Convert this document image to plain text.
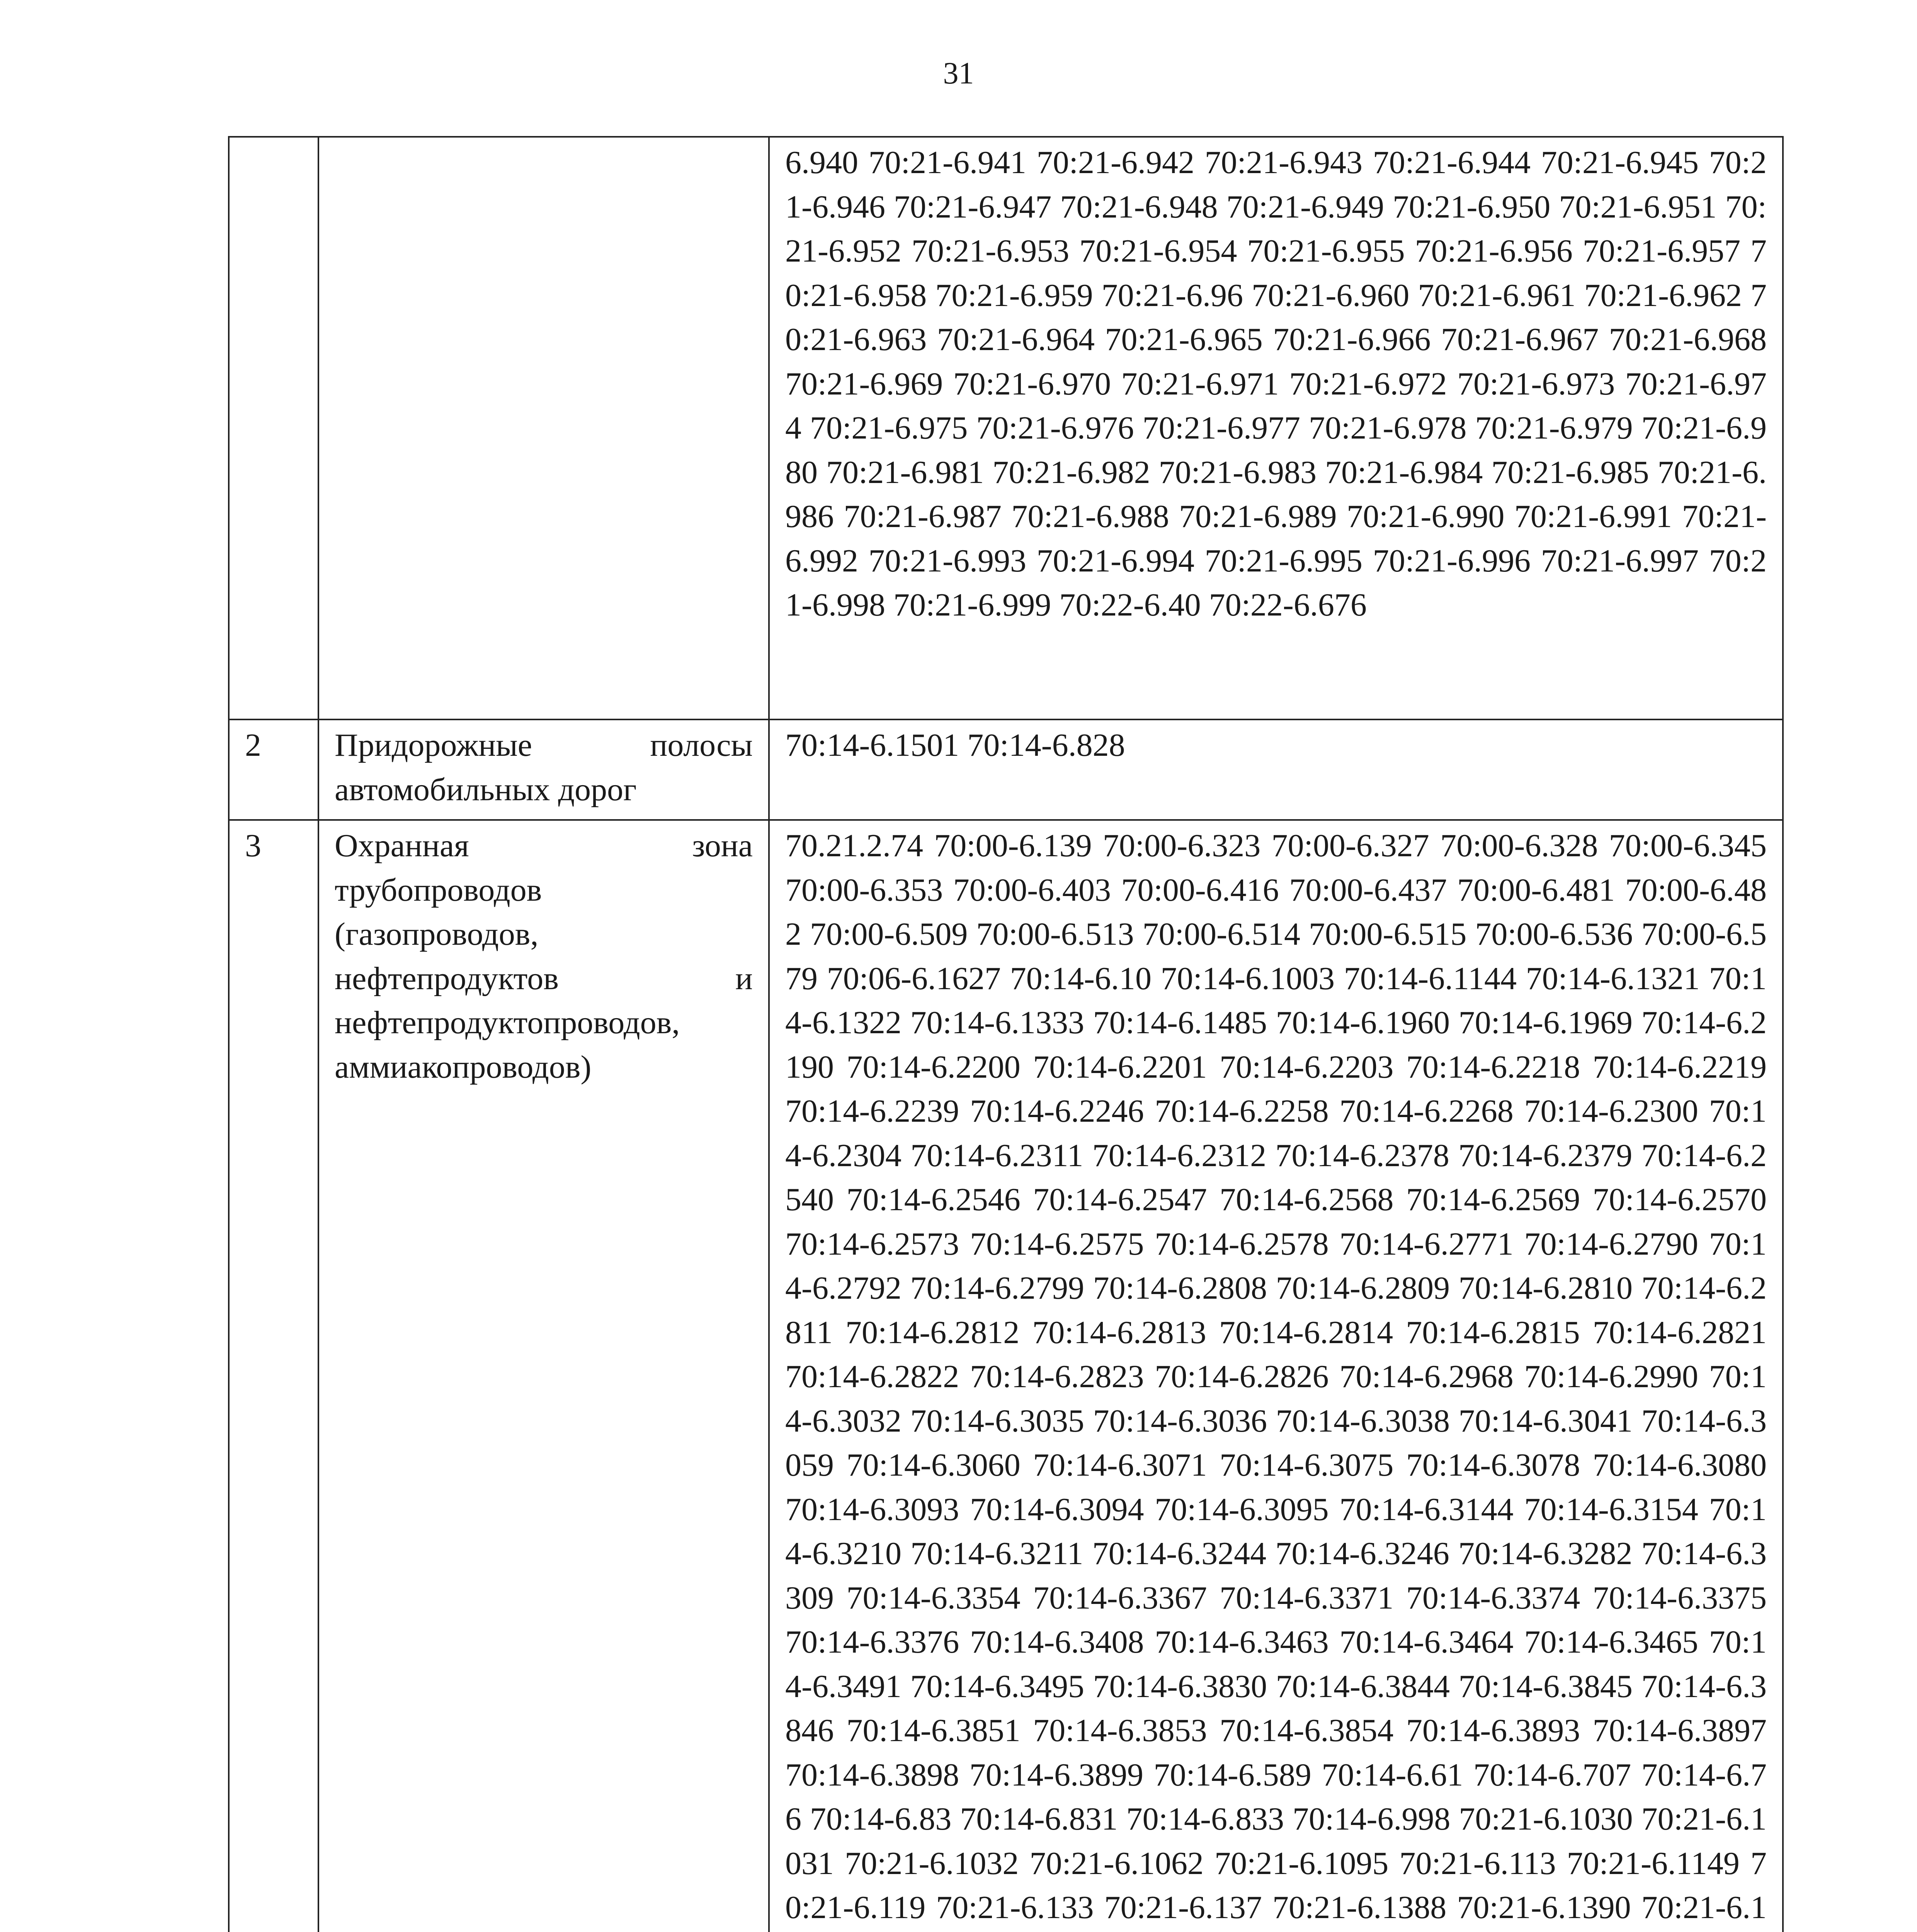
31
		6.940 70:21-6.941 70:21-6.942 70:21-6.943 70:21-6.944 70:21-6.945 70:21-6.946 70:21-6.947 70:21-6.948 70:21-6.949 70:21-6.950 70:21-6.951 70:21-6.952 70:21-6.953 70:21-6.954 70:21-6.955 70:21-6.956 70:21-6.957 70:21-6.958 70:21-6.959 70:21-6.96 70:21-6.960 70:21-6.961 70:21-6.962 70:21-6.963 70:21-6.964 70:21-6.965 70:21-6.966 70:21-6.967 70:21-6.968 70:21-6.969 70:21-6.970 70:21-6.971 70:21-6.972 70:21-6.973 70:21-6.974 70:21-6.975 70:21-6.976 70:21-6.977 70:21-6.978 70:21-6.979 70:21-6.980 70:21-6.981 70:21-6.982 70:21-6.983 70:21-6.984 70:21-6.985 70:21-6.986 70:21-6.987 70:21-6.988 70:21-6.989 70:21-6.990 70:21-6.991 70:21-6.992 70:21-6.993 70:21-6.994 70:21-6.995 70:21-6.996 70:21-6.997 70:21-6.998 70:21-6.999 70:22-6.40 70:22-6.676
2	Придорожные полосы автомобильных дорог	70:14-6.1501 70:14-6.828
3	Охранная зона трубопроводов (газопроводов, нефтепродуктов и нефтепродуктопроводов, аммиакопроводов)	70.21.2.74 70:00-6.139 70:00-6.323 70:00-6.327 70:00-6.328 70:00-6.345 70:00-6.353 70:00-6.403 70:00-6.416 70:00-6.437 70:00-6.481 70:00-6.482 70:00-6.509 70:00-6.513 70:00-6.514 70:00-6.515 70:00-6.536 70:00-6.579 70:06-6.1627 70:14-6.10 70:14-6.1003 70:14-6.1144 70:14-6.1321 70:14-6.1322 70:14-6.1333 70:14-6.1485 70:14-6.1960 70:14-6.1969 70:14-6.2190 70:14-6.2200 70:14-6.2201 70:14-6.2203 70:14-6.2218 70:14-6.2219 70:14-6.2239 70:14-6.2246 70:14-6.2258 70:14-6.2268 70:14-6.2300 70:14-6.2304 70:14-6.2311 70:14-6.2312 70:14-6.2378 70:14-6.2379 70:14-6.2540 70:14-6.2546 70:14-6.2547 70:14-6.2568 70:14-6.2569 70:14-6.2570 70:14-6.2573 70:14-6.2575 70:14-6.2578 70:14-6.2771 70:14-6.2790 70:14-6.2792 70:14-6.2799 70:14-6.2808 70:14-6.2809 70:14-6.2810 70:14-6.2811 70:14-6.2812 70:14-6.2813 70:14-6.2814 70:14-6.2815 70:14-6.2821 70:14-6.2822 70:14-6.2823 70:14-6.2826 70:14-6.2968 70:14-6.2990 70:14-6.3032 70:14-6.3035 70:14-6.3036 70:14-6.3038 70:14-6.3041 70:14-6.3059 70:14-6.3060 70:14-6.3071 70:14-6.3075 70:14-6.3078 70:14-6.3080 70:14-6.3093 70:14-6.3094 70:14-6.3095 70:14-6.3144 70:14-6.3154 70:14-6.3210 70:14-6.3211 70:14-6.3244 70:14-6.3246 70:14-6.3282 70:14-6.3309 70:14-6.3354 70:14-6.3367 70:14-6.3371 70:14-6.3374 70:14-6.3375 70:14-6.3376 70:14-6.3408 70:14-6.3463 70:14-6.3464 70:14-6.3465 70:14-6.3491 70:14-6.3495 70:14-6.3830 70:14-6.3844 70:14-6.3845 70:14-6.3846 70:14-6.3851 70:14-6.3853 70:14-6.3854 70:14-6.3893 70:14-6.3897 70:14-6.3898 70:14-6.3899 70:14-6.589 70:14-6.61 70:14-6.707 70:14-6.76 70:14-6.83 70:14-6.831 70:14-6.833 70:14-6.998 70:21-6.1030 70:21-6.1031 70:21-6.1032 70:21-6.1062 70:21-6.1095 70:21-6.113 70:21-6.1149 70:21-6.119 70:21-6.133 70:21-6.137 70:21-6.1388 70:21-6.1390 70:21-6.1
